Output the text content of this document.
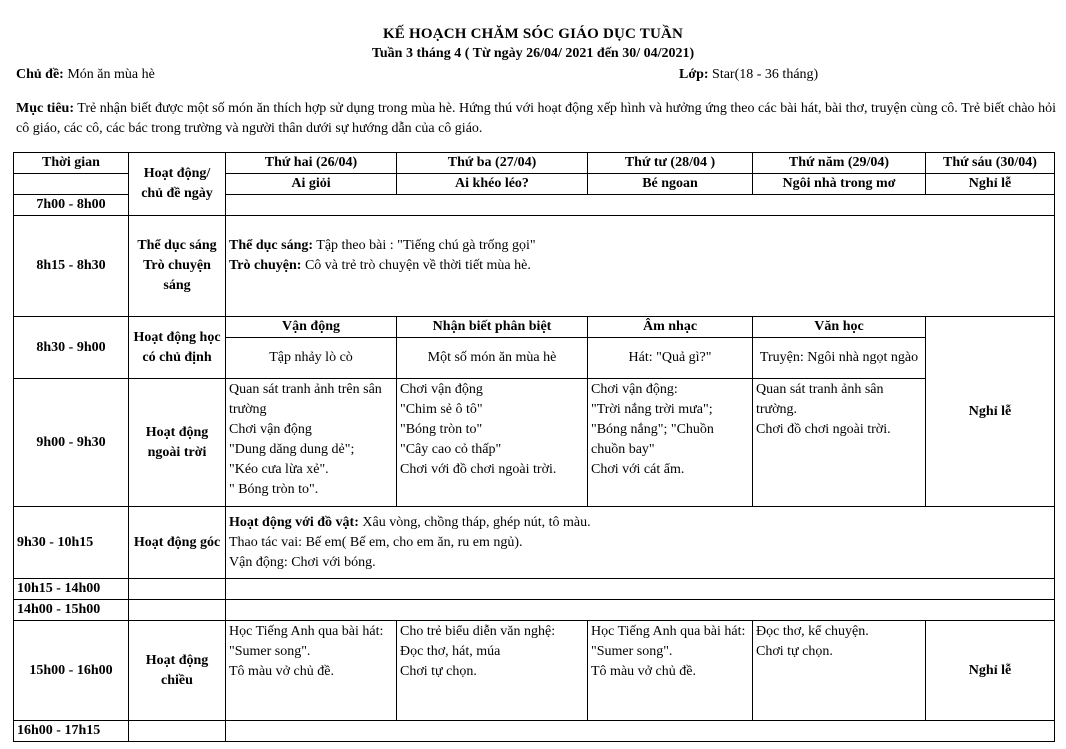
KẾ HOẠCH CHĂM SÓC GIÁO DỤC TUẦN
Tuần 3 tháng 4 ( Từ ngày 26/04/ 2021 đến 30/ 04/2021)
Chủ đề: Món ăn mùa hè	Lớp: Star(18 - 36 tháng)
Mục tiêu: Trẻ nhận biết được một số món ăn thích hợp sử dụng trong mùa hè. Hứng thú với hoạt động xếp hình và hưởng ứng theo các bài hát, bài thơ, truyện cùng cô. Trẻ biết chào hỏi cô giáo, các cô, các bác trong trường và người thân dưới sự hướng dẫn của cô giáo.
Thời gian	Hoạt động/ chủ đề ngày	Thứ hai (26/04)	Thứ ba (27/04)	Thứ tư (28/04 )	Thứ năm (29/04)	Thứ sáu (30/04)
		Ai giỏi	Ai khéo léo?	Bé ngoan	Ngôi nhà trong mơ	Nghỉ lễ
7h00 - 8h00						
8h15 - 8h30	Thể dục sáng Trò chuyện sáng	Thể dục sáng: Tập theo bài : "Tiếng chú gà trống gọi"
Trò chuyện: Cô và trẻ trò chuyện về thời tiết mùa hè.				

8h30 - 9h00	Hoạt động học có chủ định	Vận động	Nhận biết phân biệt	Âm nhạc	Văn học	Nghỉ lễ
		Tập nhảy lò cò	Một số món ăn mùa hè	Hát: "Quả gì?"	Truyện: Ngôi nhà ngọt ngào	
9h00 - 9h30	Hoạt động ngoài trời	Quan sát tranh ảnh trên sân trường
Chơi vận động
"Dung dăng dung dẻ";
"Kéo cưa lừa xẻ".
" Bóng tròn to".	Chơi vận động
"Chim sẻ ô tô"
"Bóng tròn to"
"Cây cao cỏ thấp"
Chơi với đồ chơi ngoài trời.	Chơi vận động:
"Trời nắng trời mưa";
"Bóng nắng"; "Chuồn chuồn bay"
Chơi với cát ẩm.	Quan sát tranh ảnh sân trường.
Chơi đồ chơi ngoài trời.	
9h30 - 10h15	Hoạt động góc	Hoạt động với đồ vật: Xâu vòng, chồng tháp, ghép nút, tô màu.
Thao tác vai: Bế em( Bế em, cho em ăn, ru em ngủ).
Vận động: Chơi với bóng.				

10h15 - 14h00						
14h00 - 15h00						
15h00 - 16h00	Hoạt động chiều	Học Tiếng Anh qua bài hát: "Sumer song".
Tô màu vở chủ đề.	Cho trẻ biểu diễn văn nghệ:
Đọc thơ, hát, múa
Chơi tự chọn.	Học Tiếng Anh qua bài hát: "Sumer song".
Tô màu vở chủ đề.	Đọc thơ, kể chuyện.
Chơi tự chọn.	Nghỉ lễ
16h00 - 17h15						
